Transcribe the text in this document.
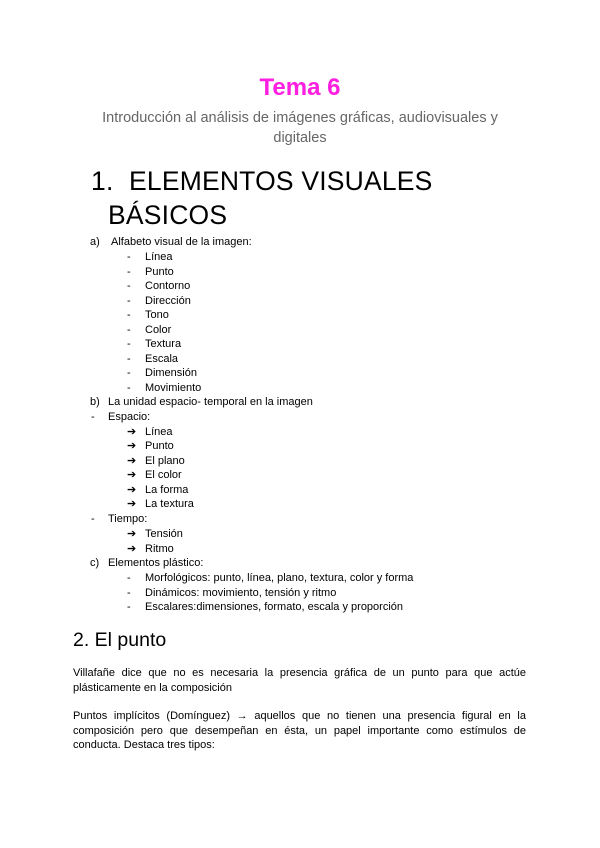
Tema 6
Introducción al análisis de imágenes gráficas, audiovisuales y digitales
1. ELEMENTOS VISUALES
BÁSICOS
a) Alfabeto visual de la imagen:
- Línea
- Punto
- Contorno
- Dirección
- Tono
- Color
- Textura
- Escala
- Dimensión
- Movimiento
b) La unidad espacio- temporal en la imagen
- Espacio:
➔ Línea
➔ Punto
➔ El plano
➔ El color
➔ La forma
➔ La textura
- Tiempo:
➔ Tensión
➔ Ritmo
c) Elementos plástico:
- Morfológicos: punto, línea, plano, textura, color y forma
- Dinámicos: movimiento, tensión y ritmo
- Escalares:dimensiones, formato, escala y proporción
2. El punto
Villafañe dice que no es necesaria la presencia gráfica de un punto para que actúe plásticamente en la composición
Puntos implícitos (Domínguez) → aquellos que no tienen una presencia figural en la composición pero que desempeñan en ésta, un papel importante como estímulos de conducta. Destaca tres tipos:
